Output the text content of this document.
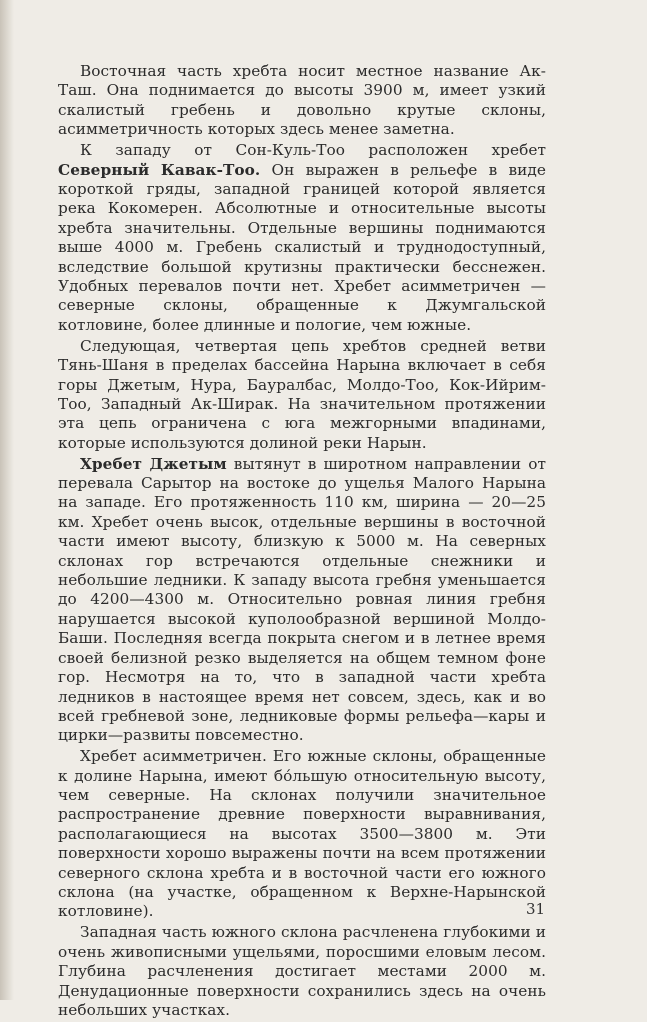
Восточная часть хребта носит местное название Ак-Таш. Она поднимается до высоты 3900 м, имеет узкий скалистый гребень и довольно крутые склоны, асимметричность которых здесь менее заметна.

К западу от Сон-Куль-Тоо расположен хребет Северный Кавак-Тоо. Он выражен в рельефе в виде короткой гряды, западной границей которой является река Кокомерен. Абсолютные и относительные высоты хребта значительны. Отдельные вершины поднимаются выше 4000 м. Гребень скалистый и труднодоступный, вследствие большой крутизны практически бесснежен. Удобных перевалов почти нет. Хребет асимметричен — северные склоны, обращенные к Джумгальской котловине, более длинные и пологие, чем южные.

Следующая, четвертая цепь хребтов средней ветви Тянь-Шаня в пределах бассейна Нарына включает в себя горы Джетым, Нура, Бауралбас, Молдо-Тоо, Кок-Ийрим-Тоо, Западный Ак-Ширак. На значительном протяжении эта цепь ограничена с юга межгорными впадинами, которые используются долиной реки Нарын.

Хребет Джетым вытянут в широтном направлении от перевала Сарытор на востоке до ущелья Малого Нарына на западе. Его протяженность 110 км, ширина — 20—25 км. Хребет очень высок, отдельные вершины в восточной части имеют высоту, близкую к 5000 м. На северных склонах гор встречаются отдельные снежники и небольшие ледники. К западу высота гребня уменьшается до 4200—4300 м. Относительно ровная линия гребня нарушается высокой куполообразной вершиной Молдо-Баши. Последняя всегда покрыта снегом и в летнее время своей белизной резко выделяется на общем темном фоне гор. Несмотря на то, что в западной части хребта ледников в настоящее время нет совсем, здесь, как и во всей гребневой зоне, ледниковые формы рельефа—кары и цирки—развиты повсеместно.

Хребет асимметричен. Его южные склоны, обращенные к долине Нарына, имеют бо́льшую относительную высоту, чем северные. На склонах получили значительное распространение древние поверхности выравнивания, располагающиеся на высотах 3500—3800 м. Эти поверхности хорошо выражены почти на всем протяжении северного склона хребта и в восточной части его южного склона (на участке, обращенном к Верхне-Нарынской котловине).

Западная часть южного склона расчленена глубокими и очень живописными ущельями, поросшими еловым лесом. Глубина расчленения достигает местами 2000 м. Денудационные поверхности сохранились здесь на очень небольших участках.

31
